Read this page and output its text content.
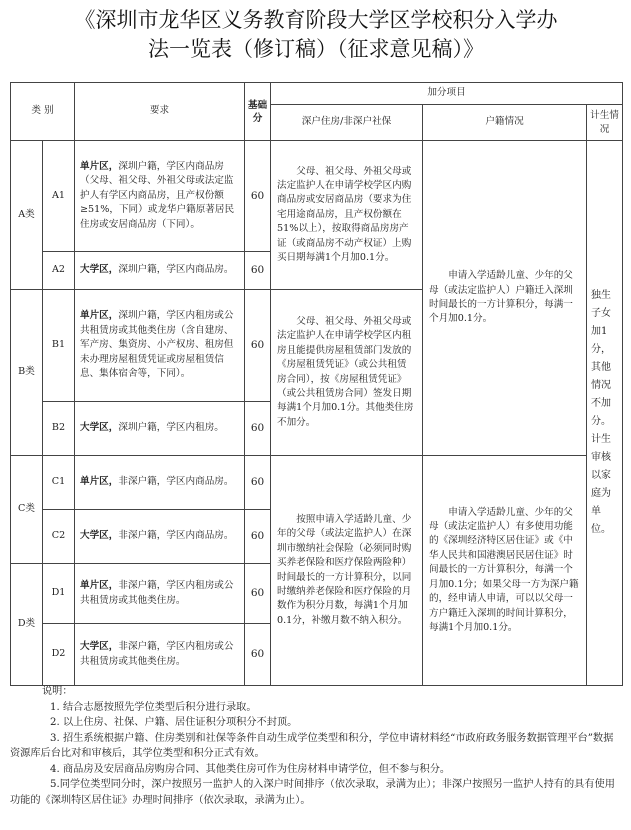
《深圳市龙华区义务教育阶段大学区学校积分入学办
法一览表（修订稿）（征求意见稿）》
类 别		要求	基础分	加分项目		
				深户住房/非深户社保	户籍情况	计生情况
A类	A1	单片区，深圳户籍，学区内商品房（父母、祖父母、外祖父母或法定监护人有学区内商品房，且产权份额≥51%，下同）或龙华户籍原著居民住房或安居商品房（下同）。	60	父母、祖父母、外祖父母或法定监护人在申请学校学区内购商品房或安居商品房（要求为住宅用途商品房，且产权份额在51%以上），按取得商品房房产证（或商品房不动产权证）上购买日期每满1个月加0.1分。	申请入学适龄儿童、少年的父母（或法定监护人）户籍迁入深圳时间最长的一方计算积分，每满一个月加0.1分。	独生子女加1分，其他情况不加分。计生审核以家庭为单位。
	A2	大学区，深圳户籍，学区内商品房。	60			
B类	B1	单片区，深圳户籍，学区内租房或公共租赁房或其他类住房（含自建房、军产房、集资房、小产权房、租房但未办理房屋租赁凭证或房屋租赁信息、集体宿舍等，下同）。	60	父母、祖父母、外祖父母或法定监护人在申请学校学区内租房且能提供房屋租赁部门发放的《房屋租赁凭证》（或公共租赁房合同），按《房屋租赁凭证》（或公共租赁房合同）签发日期每满1个月加0.1分。其他类住房不加分。		
	B2	大学区，深圳户籍，学区内租房。	60			
C类	C1	单片区，非深户籍，学区内商品房。	60	按照申请入学适龄儿童、少年的父母（或法定监护人）在深圳市缴纳社会保险（必须同时购买养老保险和医疗保险两险种）时间最长的一方计算积分，以同时缴纳养老保险和医疗保险的月数作为积分月数，每满1个月加0.1分，补缴月数不纳入积分。	申请入学适龄儿童、少年的父母（或法定监护人）有多使用功能的《深圳经济特区居住证》或《中华人民共和国港澳居民居住证》时间最长的一方计算积分，每满一个月加0.1分；如果父母一方为深户籍的，经申请人申请，可以以父母一方户籍迁入深圳的时间计算积分，每满1个月加0.1分。	
	C2	大学区，非深户籍，学区内商品房。	60			
D类	D1	单片区，非深户籍，学区内租房或公共租赁房或其他类住房。	60			
	D2	大学区，非深户籍，学区内租房或公共租赁房或其他类住房。	60			
说明：
1. 结合志愿按照先学位类型后积分进行录取。
2. 以上住房、社保、户籍、居住证积分项积分不封顶。
3. 招生系统根据户籍、住房类别和社保等条件自动生成学位类型和积分，学位申请材料经“市政府政务服务数据管理平台”数据资源库后台比对和审核后，其学位类型和积分正式有效。
4. 商品房及安居商品房购房合同、其他类住房可作为住房材料申请学位，但不参与积分。
5.同学位类型同分时，深户按照另一监护人的入深户时间排序（依次录取，录满为止）；非深户按照另一监护人持有的具有使用功能的《深圳特区居住证》办理时间排序（依次录取，录满为止）。
